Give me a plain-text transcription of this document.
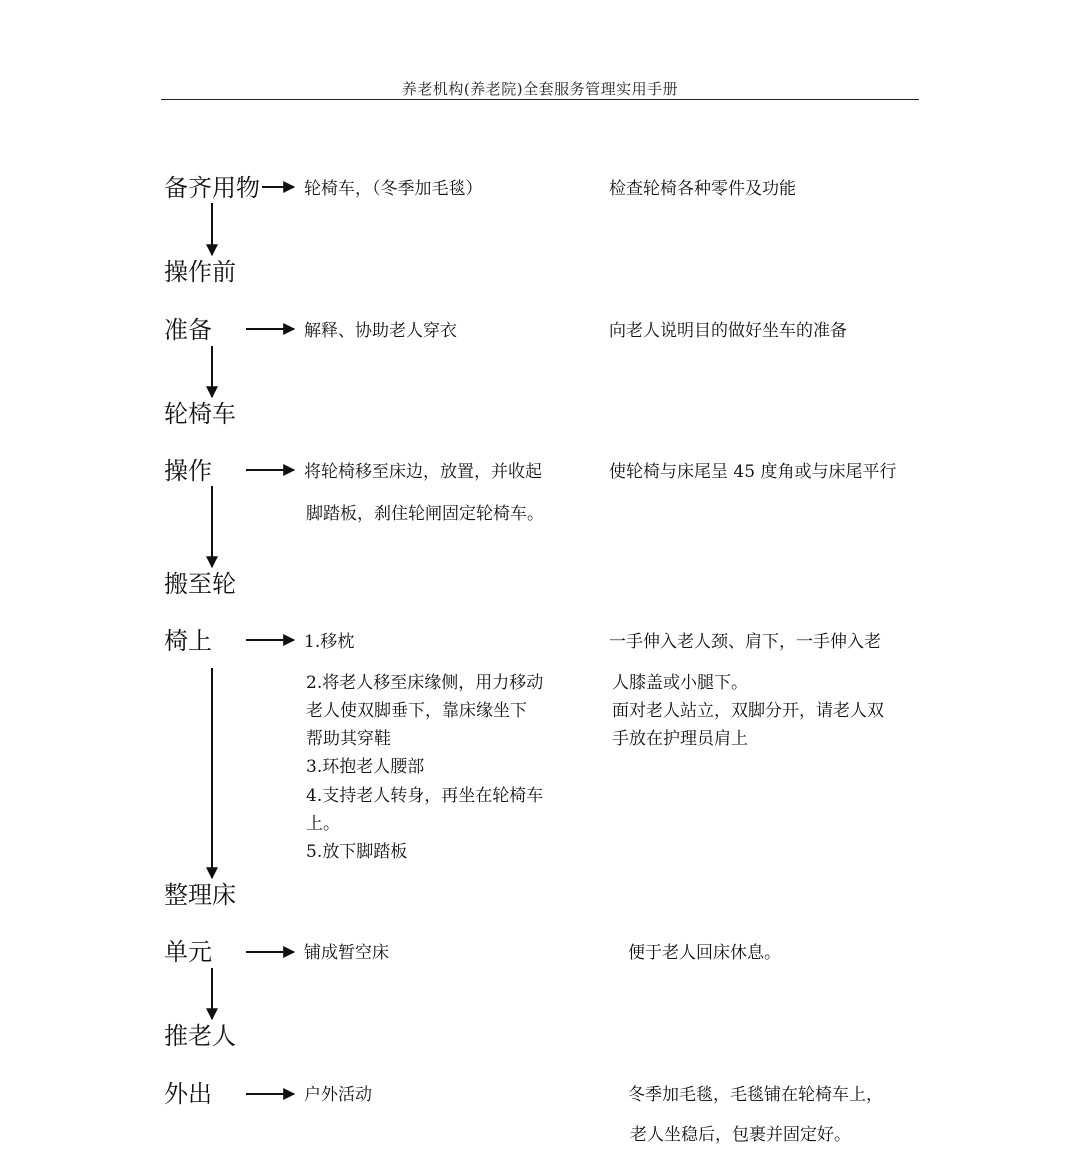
养老机构(养老院)全套服务管理实用手册
备齐用物
操作前
准备
轮椅车
操作
搬至轮
椅上
整理床
单元
推老人
外出
轮椅车，（冬季加毛毯）
解释、协助老人穿衣
将轮椅移至床边，放置，并收起
脚踏板，刹住轮闸固定轮椅车。
1.移枕
2.将老人移至床缘侧，用力移动
老人使双脚垂下，靠床缘坐下
帮助其穿鞋
3.环抱老人腰部
4.支持老人转身，再坐在轮椅车
上。
5.放下脚踏板
铺成暂空床
户外活动
检查轮椅各种零件及功能
向老人说明目的做好坐车的准备
使轮椅与床尾呈 45 度角或与床尾平行
一手伸入老人颈、肩下，一手伸入老
人膝盖或小腿下。
面对老人站立，双脚分开，请老人双
手放在护理员肩上
便于老人回床休息。
冬季加毛毯，毛毯铺在轮椅车上，
老人坐稳后，包裹并固定好。
